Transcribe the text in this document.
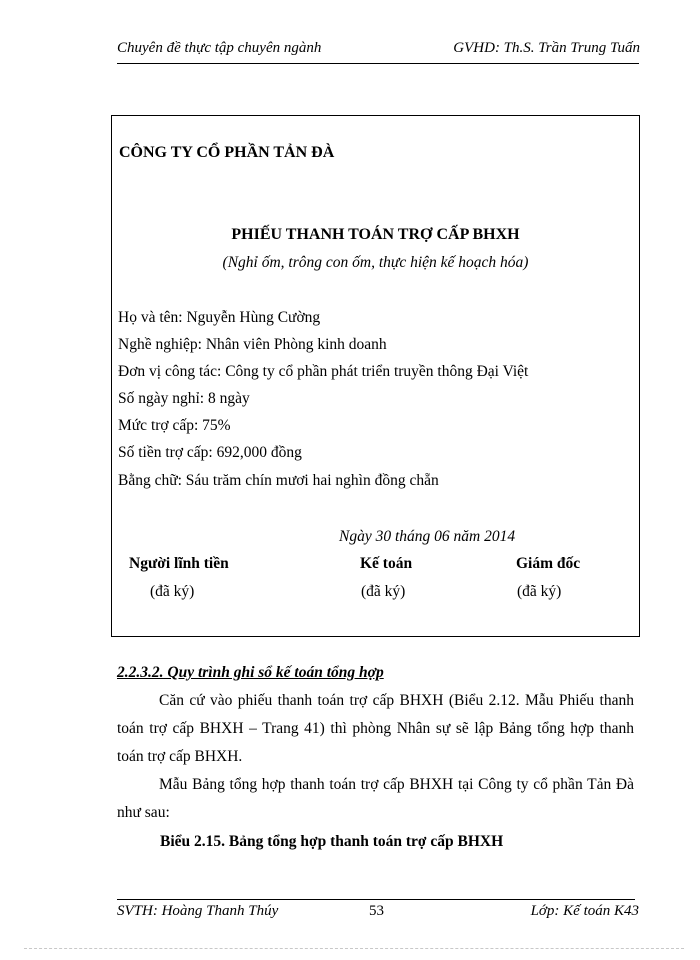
Chuyên đề thực tập chuyên ngành	GVHD: Th.S. Trần Trung Tuấn
CÔNG TY CỔ PHẦN TẢN ĐÀ
PHIẾU THANH TOÁN TRỢ CẤP BHXH
(Nghỉ ốm, trông con ốm, thực hiện kế hoạch hóa)
Họ và tên: Nguyễn Hùng Cường
Nghề nghiệp: Nhân viên Phòng kinh doanh
Đơn vị công tác: Công ty cổ phần phát triển truyền thông Đại Việt
Số ngày nghỉ: 8 ngày
Mức trợ cấp: 75%
Số tiền trợ cấp: 692,000 đồng
Bằng chữ: Sáu trăm chín mươi hai nghìn đồng chẵn
Ngày 30 tháng 06 năm 2014
Người lĩnh tiền	Kế toán	Giám đốc
(đã ký)	(đã ký)	(đã ký)
2.2.3.2. Quy trình ghi sổ kế toán tổng hợp
Căn cứ vào phiếu thanh toán trợ cấp BHXH (Biểu 2.12. Mẫu Phiếu thanh toán trợ cấp BHXH – Trang 41) thì phòng Nhân sự sẽ lập Bảng tổng hợp thanh toán trợ cấp BHXH.
Mẫu Bảng tổng hợp thanh toán trợ cấp BHXH tại Công ty cổ phần Tản Đà như sau:
Biểu 2.15. Bảng tổng hợp thanh toán trợ cấp BHXH
SVTH: Hoàng Thanh Thúy	53	Lớp: Kế toán K43
